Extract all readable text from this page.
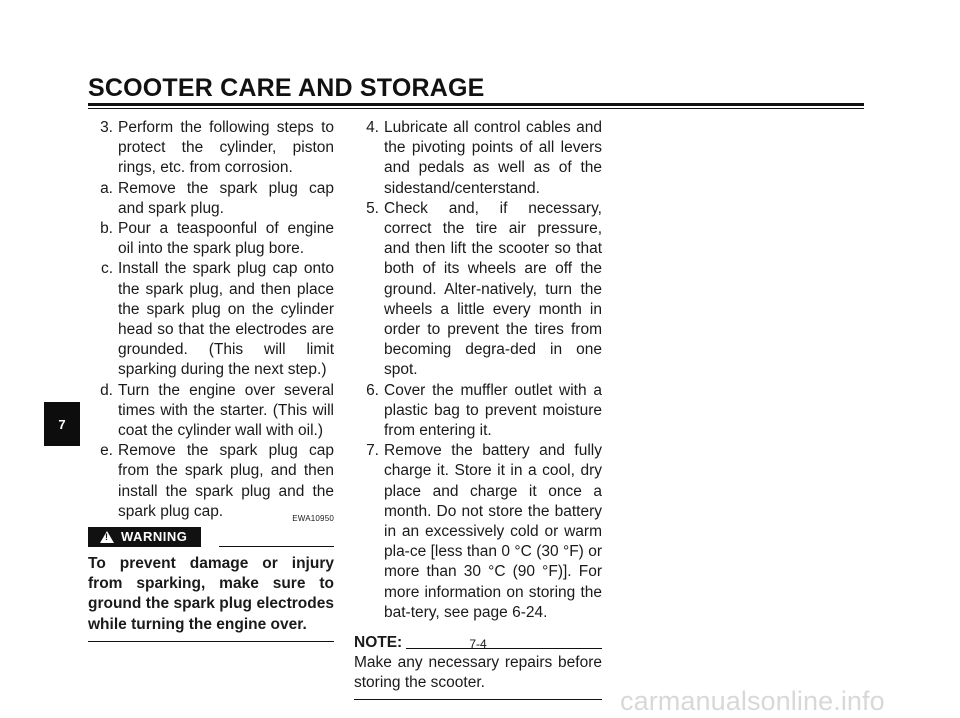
SCOOTER CARE AND STORAGE
7
3. Perform the following steps to protect the cylinder, piston rings, etc. from corrosion.
a. Remove the spark plug cap and spark plug.
b. Pour a teaspoonful of engine oil into the spark plug bore.
c. Install the spark plug cap onto the spark plug, and then place the spark plug on the cylinder head so that the electrodes are grounded. (This will limit sparking during the next step.)
d. Turn the engine over several times with the starter. (This will coat the cylinder wall with oil.)
e. Remove the spark plug cap from the spark plug, and then install the spark plug and the spark plug cap.	EWA10950
!
WARNING
To prevent damage or injury from sparking, make sure to ground the spark plug electrodes while turning the engine over.
4. Lubricate all control cables and the pivoting points of all levers and pedals as well as of the sidestand/centerstand.
5. Check and, if necessary, correct the tire air pressure, and then lift the scooter so that both of its wheels are off the ground. Alter-natively, turn the wheels a little every month in order to prevent the tires from becoming degra-ded in one spot.
6. Cover the muffler outlet with a plastic bag to prevent moisture from entering it.
7. Remove the battery and fully charge it. Store it in a cool, dry place and charge it once a month. Do not store the battery in an excessively cold or warm pla-ce [less than 0 °C (30 °F) or more than 30 °C (90 °F)]. For more information on storing the bat-tery, see page 6-24.
NOTE:
Make any necessary repairs before storing the scooter.
7-4
carmanualsonline.info
